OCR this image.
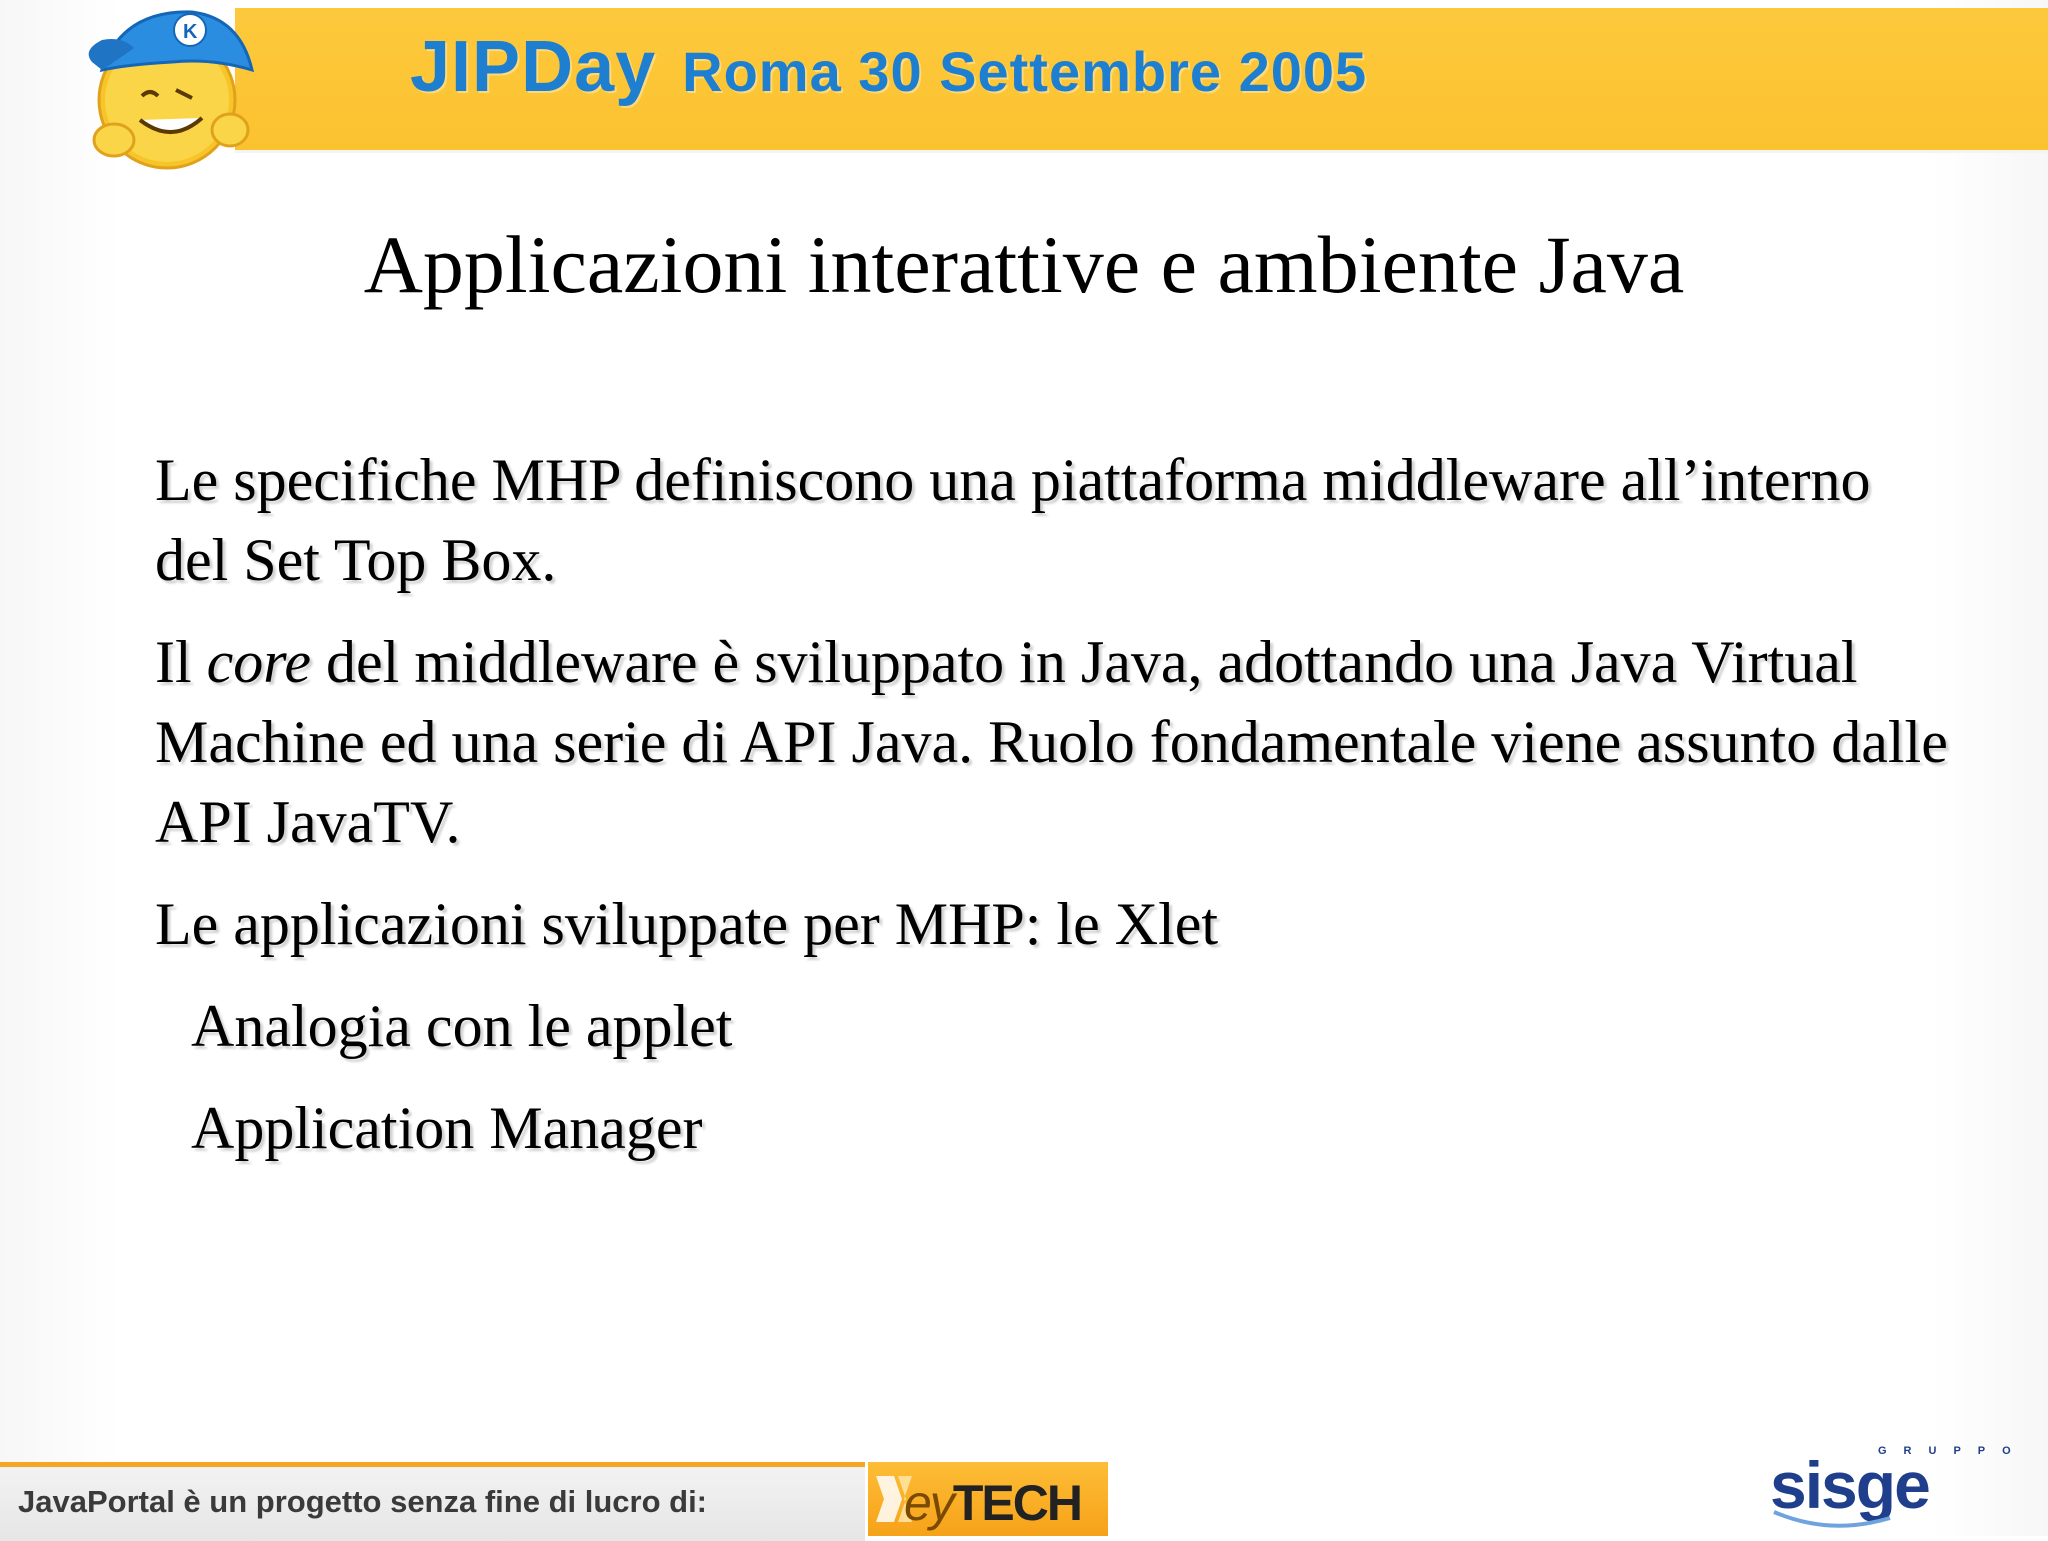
K	JIPDay Roma 30 Settembre 2005
Applicazioni interattive e ambiente Java
Le specifiche MHP definiscono una piattaforma middleware all’interno del Set Top Box.
Il core del middleware è sviluppato in Java, adottando una Java Virtual Machine ed una serie di API Java. Ruolo fondamentale viene assunto dalle API JavaTV.
Le applicazioni sviluppate per MHP: le Xlet
Analogia con le applet
Application Manager
JavaPortal è un progetto senza fine di lucro di:	eyTECH
GRUPPO
sisge
